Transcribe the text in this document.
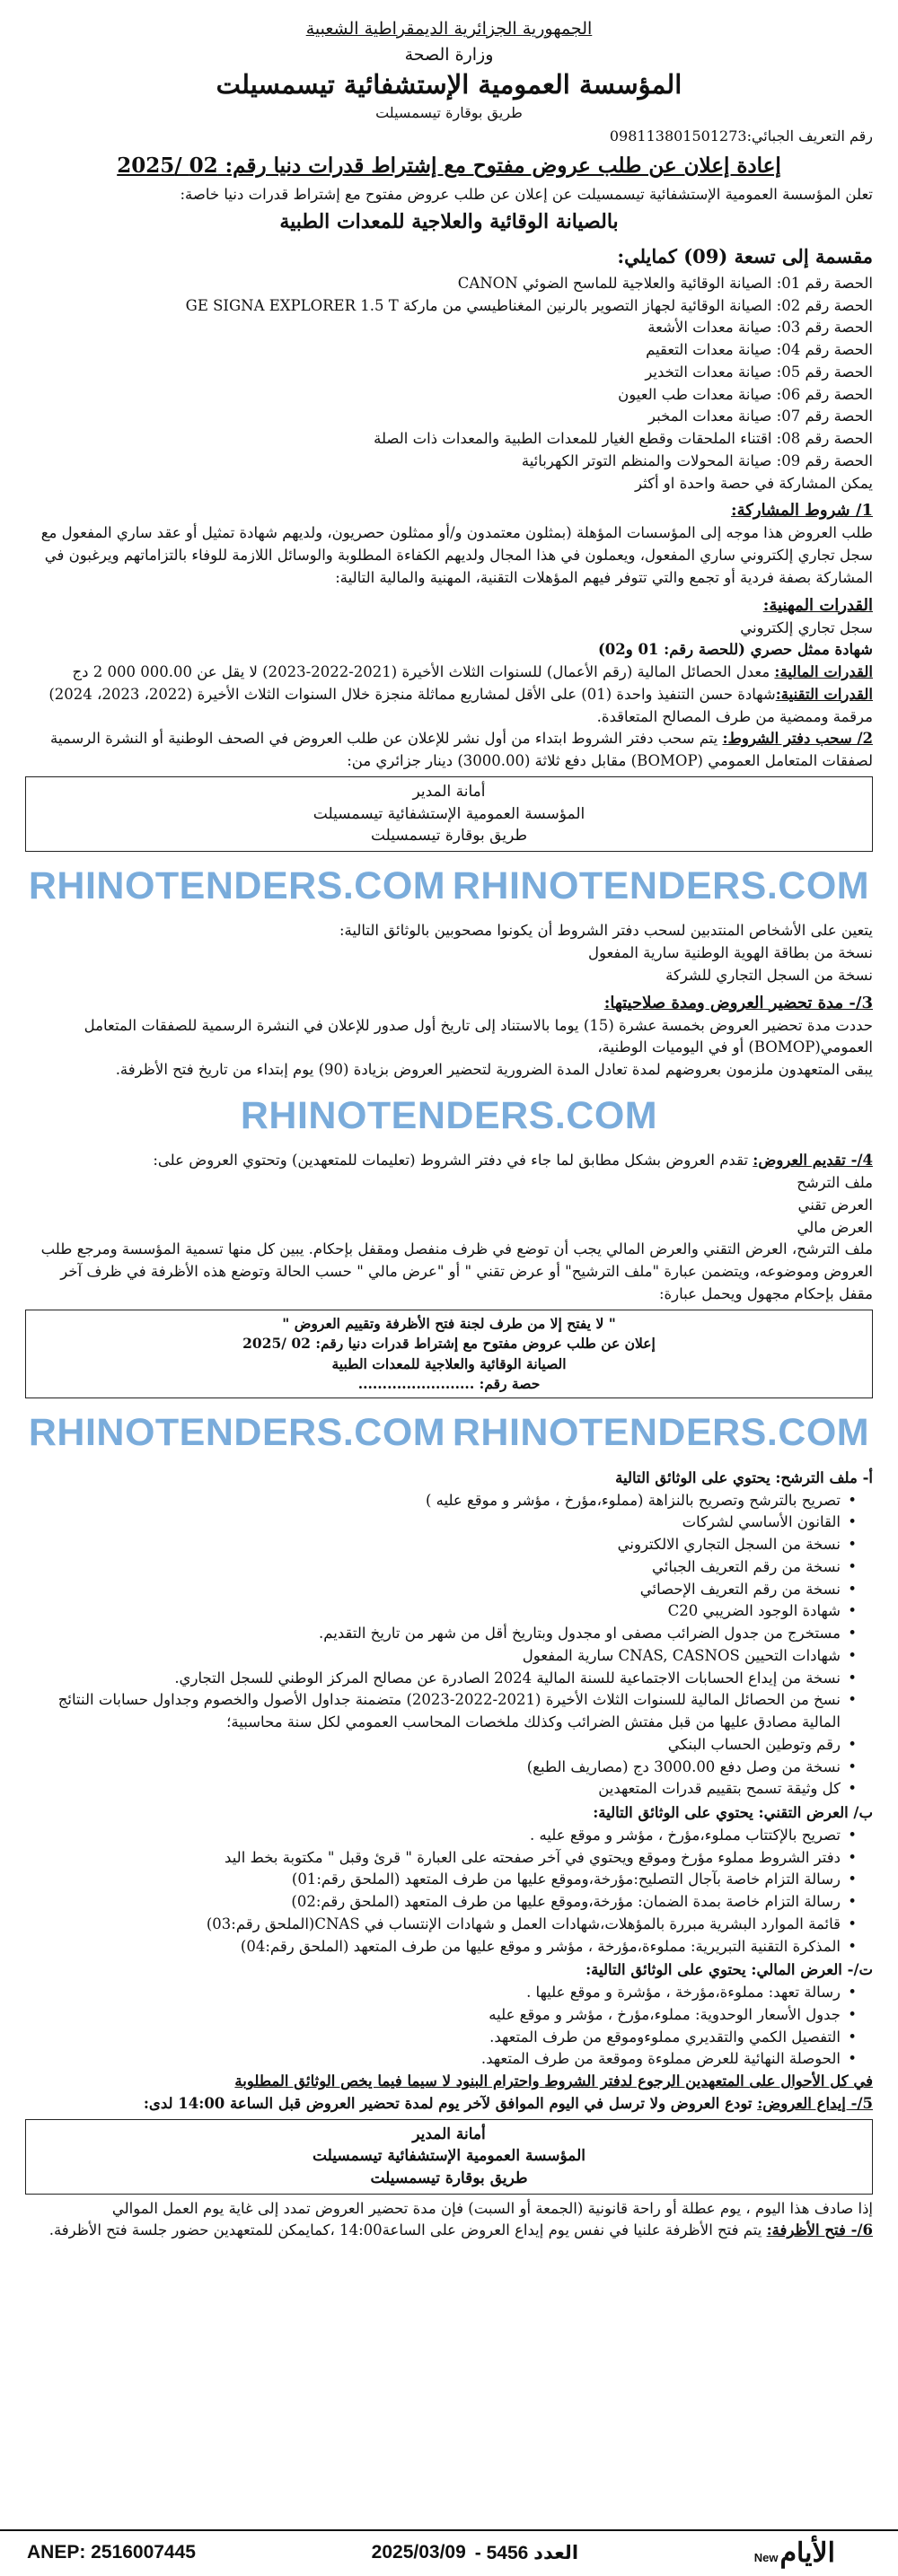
الجمهورية الجزائرية الديمقراطية الشعبية
وزارة الصحة
المؤسسة العمومية الإستشفائية تيسمسيلت
طريق بوقارة تيسمسيلت
رقم التعريف الجبائي:098113801501273
إعادة إعلان عن طلب عروض مفتوح مع إشتراط قدرات دنيا رقم: 02 /2025
تعلن المؤسسة العمومية الإستشفائية تيسمسيلت عن إعلان عن طلب عروض مفتوح مع إشتراط قدرات دنيا خاصة:
بالصيانة الوقائية والعلاجية للمعدات الطبية
مقسمة إلى تسعة (09) كمايلي:
الحصة رقم 01: الصيانة الوقائية والعلاجية للماسح الضوئي CANON
الحصة رقم 02: الصيانة الوقائية لجهاز التصوير بالرنين المغناطيسي من ماركة GE SIGNA EXPLORER 1.5 T
الحصة رقم 03: صيانة معدات الأشعة
الحصة رقم 04: صيانة معدات التعقيم
الحصة رقم 05: صيانة معدات التخدير
الحصة رقم 06: صيانة معدات طب العيون
الحصة رقم 07: صيانة معدات المخبر
الحصة رقم 08: اقتناء الملحقات وقطع الغيار للمعدات الطبية والمعدات ذات الصلة
الحصة رقم 09: صيانة المحولات والمنظم التوتر الكهربائية
يمكن المشاركة في حصة واحدة او أكثر
1/ شروط المشاركة:
طلب العروض هذا موجه إلى المؤسسات المؤهلة (بمثلون معتمدون و/أو ممثلون حصريون، ولديهم شهادة تمثيل أو عقد ساري المفعول مع سجل تجاري إلكتروني ساري المفعول، ويعملون في هذا المجال ولديهم الكفاءة المطلوبة والوسائل اللازمة للوفاء بالتزاماتهم ويرغبون في المشاركة بصفة فردية أو تجمع والتي تتوفر فيهم المؤهلات التقنية، المهنية والمالية التالية:
القدرات المهنية:
سجل تجاري إلكتروني
شهادة ممثل حصري (للحصة رقم: 01 و02)
القدرات المالية: معدل الحصائل المالية (رقم الأعمال) للسنوات الثلاث الأخيرة (2021-2022-2023) لا يقل عن 000.00 000 2 دج
القدرات التقنية:شهادة حسن التنفيذ واحدة (01) على الأقل لمشاريع مماثلة منجزة خلال السنوات الثلاث الأخيرة (2022، 2023، 2024) مرقمة وممضية من طرف المصالح المتعاقدة.
2/ سحب دفتر الشروط: يتم سحب دفتر الشروط ابتداء من أول نشر للإعلان عن طلب العروض في الصحف الوطنية أو النشرة الرسمية لصفقات المتعامل العمومي (BOMOP) مقابل دفع ثلاثة (3000.00) دينار جزائري من:
أمانة المدير
المؤسسة العمومية الإستشفائية تيسمسيلت
طريق بوقارة تيسمسيلت
RHINOTENDERS.COM RHINOTENDERS.COM
يتعين على الأشخاص المنتدبين لسحب دفتر الشروط أن يكونوا مصحوبين بالوثائق التالية:
نسخة من بطاقة الهوية الوطنية سارية المفعول
نسخة من السجل التجاري للشركة
3/- مدة تحضير العروض ومدة صلاحيتها:
حددت مدة تحضير العروض بخمسة عشرة (15) يوما بالاستناد إلى تاريخ أول صدور للإعلان في النشرة الرسمية للصفقات المتعامل العمومي(BOMOP) أو في اليوميات الوطنية،
يبقى المتعهدون ملزمون بعروضهم لمدة تعادل المدة الضرورية لتحضير العروض بزيادة (90) يوم إبتداء من تاريخ فتح الأظرفة.
RHINOTENDERS.COM
4/- تقديم العروض: تقدم العروض بشكل مطابق لما جاء في دفتر الشروط (تعليمات للمتعهدين) وتحتوي العروض على:
ملف الترشح
العرض تقني
العرض مالي
ملف الترشح، العرض التقني والعرض المالي يجب أن توضع في ظرف منفصل ومقفل بإحكام. يبين كل منها تسمية المؤسسة ومرجع طلب العروض وموضوعه، ويتضمن عبارة "ملف الترشيح" أو عرض تقني " أو "عرض مالي " حسب الحالة وتوضع هذه الأظرفة في ظرف آخر مقفل بإحكام مجهول ويحمل عبارة:
" لا يفتح إلا من طرف لجنة فتح الأظرفة وتقييم العروض "
إعلان عن طلب عروض مفتوح مع إشتراط قدرات دنيا رقم: 02 /2025
الصيانة الوقائية والعلاجية للمعدات الطبية
حصة رقم: ........................
RHINOTENDERS.COM RHINOTENDERS.COM
أ- ملف الترشح: يحتوي على الوثائق التالية
• تصريح بالترشح وتصريح بالنزاهة (مملوء،مؤرخ ، مؤشر و موقع عليه )
• القانون الأساسي لشركات
• نسخة من السجل التجاري الالكتروني
• نسخة من رقم التعريف الجبائي
• نسخة من رقم التعريف الإحصائي
• شهادة الوجود الضريبي C20
• مستخرج من جدول الضرائب مصفى او مجدول وبتاريخ أقل من شهر من تاريخ التقديم.
• شهادات التحيين CNAS, CASNOS سارية المفعول
• نسخة من إيداع الحسابات الاجتماعية للسنة المالية 2024 الصادرة عن مصالح المركز الوطني للسجل التجاري.
• نسخ من الحصائل المالية للسنوات الثلاث الأخيرة (2021-2022-2023) متضمنة جداول الأصول والخصوم وجداول حسابات النتائج المالية مصادق عليها من قبل مفتش الضرائب وكذلك ملخصات المحاسب العمومي لكل سنة محاسبية؛
• رقم وتوطين الحساب البنكي
• نسخة من وصل دفع 3000.00 دج (مصاريف الطبع)
• كل وثيقة تسمح بتقييم قدرات المتعهدين
ب/ العرض التقني: يحتوي على الوثائق التالية:
• تصريح بالإكتتاب مملوء،مؤرخ ، مؤشر و موقع عليه .
• دفتر الشروط مملوء مؤرخ وموقع ويحتوي في آخر صفحته على العبارة " قرئ وقبل " مكتوبة بخط اليد
• رسالة التزام خاصة بآجال التصليح:مؤرخة،وموقع عليها من طرف المتعهد (الملحق رقم:01)
• رسالة التزام خاصة بمدة الضمان: مؤرخة،وموقع عليها من طرف المتعهد (الملحق رقم:02)
• قائمة الموارد البشرية مبررة بالمؤهلات،شهادات العمل و شهادات الإنتساب في CNAS(الملحق رقم:03)
• المذكرة التقنية التبريرية: مملوءة،مؤرخة ، مؤشر و موقع عليها من طرف المتعهد (الملحق رقم:04)
ت/- العرض المالي: يحتوي على الوثائق التالية:
• رسالة تعهد: مملوءة،مؤرخة ، مؤشرة و موقع عليها .
• جدول الأسعار الوحدوية: مملوء،مؤرخ ، مؤشر و موقع عليه
• التفصيل الكمي والتقديري مملوءوموقع من طرف المتعهد.
• الحوصلة النهائية للعرض مملوءة وموقعة من طرف المتعهد.
في كل الأحوال على المتعهدين الرجوع لدفتر الشروط واحترام البنود لا سيما فيما يخص الوثائق المطلوبة
5/- إيداع العروض: تودع العروض ولا ترسل في اليوم الموافق لآخر يوم لمدة تحضير العروض قبل الساعة 14:00 لدى:
أمانة المدير
المؤسسة العمومية الإستشفائية تيسمسيلت
طريق بوقارة تيسمسيلت
إذا صادف هذا اليوم ، يوم عطلة أو راحة قانونية (الجمعة أو السبت) فإن مدة تحضير العروض تمدد إلى غاية يوم العمل الموالي
6/- فتح الأظرفة: يتم فتح الأظرفة علنيا في نفس يوم إيداع العروض على الساعة14:00 ،كمايمكن للمتعهدين حضور جلسة فتح الأظرفة.
ANEP: 2516007445	2025/03/09 - 5456 العدد	New الأيام
